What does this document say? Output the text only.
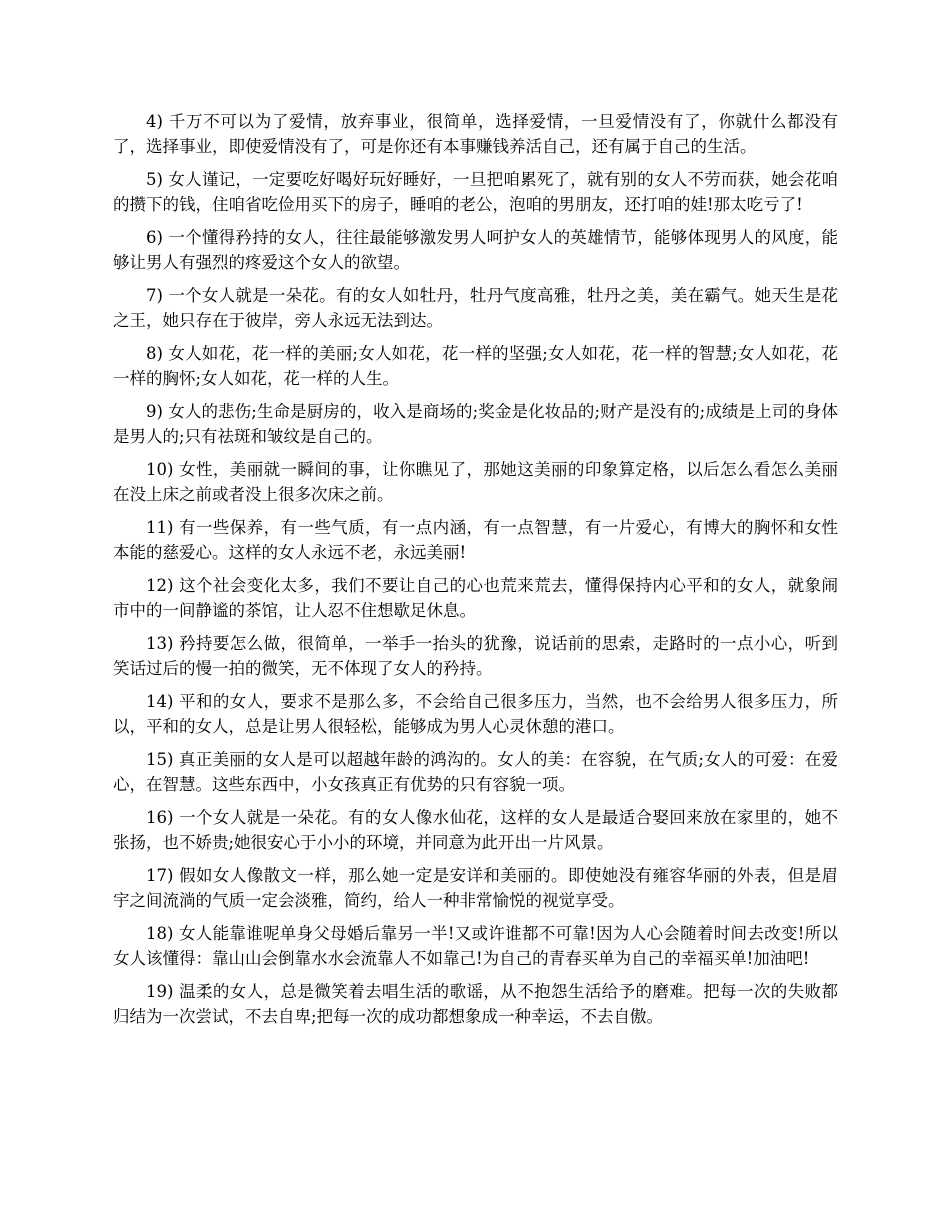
4) 千万不可以为了爱情，放弃事业，很简单，选择爱情，一旦爱情没有了，你就什么都没有了，选择事业，即使爱情没有了，可是你还有本事赚钱养活自己，还有属于自己的生活。

5) 女人谨记，一定要吃好喝好玩好睡好，一旦把咱累死了，就有别的女人不劳而获，她会花咱的攒下的钱，住咱省吃俭用买下的房子，睡咱的老公，泡咱的男朋友，还打咱的娃!那太吃亏了!

6) 一个懂得矜持的女人，往往最能够激发男人呵护女人的英雄情节，能够体现男人的风度，能够让男人有强烈的疼爱这个女人的欲望。

7) 一个女人就是一朵花。有的女人如牡丹，牡丹气度高雅，牡丹之美，美在霸气。她天生是花之王，她只存在于彼岸，旁人永远无法到达。

8) 女人如花，花一样的美丽;女人如花，花一样的坚强;女人如花，花一样的智慧;女人如花，花一样的胸怀;女人如花，花一样的人生。

9) 女人的悲伤;生命是厨房的，收入是商场的;奖金是化妆品的;财产是没有的;成绩是上司的身体是男人的;只有祛斑和皱纹是自己的。

10) 女性，美丽就一瞬间的事，让你瞧见了，那她这美丽的印象算定格，以后怎么看怎么美丽在没上床之前或者没上很多次床之前。

11) 有一些保养，有一些气质，有一点内涵，有一点智慧，有一片爱心，有博大的胸怀和女性本能的慈爱心。这样的女人永远不老，永远美丽!

12) 这个社会变化太多，我们不要让自己的心也荒来荒去，懂得保持内心平和的女人，就象闹市中的一间静谧的茶馆，让人忍不住想歇足休息。

13) 矜持要怎么做，很简单，一举手一抬头的犹豫，说话前的思索，走路时的一点小心，听到笑话过后的慢一拍的微笑，无不体现了女人的矜持。

14) 平和的女人，要求不是那么多，不会给自己很多压力，当然，也不会给男人很多压力，所以，平和的女人，总是让男人很轻松，能够成为男人心灵休憩的港口。

15) 真正美丽的女人是可以超越年龄的鸿沟的。女人的美：在容貌，在气质;女人的可爱：在爱心，在智慧。这些东西中，小女孩真正有优势的只有容貌一项。

16) 一个女人就是一朵花。有的女人像水仙花，这样的女人是最适合娶回来放在家里的，她不张扬，也不娇贵;她很安心于小小的环境，并同意为此开出一片风景。

17) 假如女人像散文一样，那么她一定是安详和美丽的。即使她没有雍容华丽的外表，但是眉宇之间流淌的气质一定会淡雅，简约，给人一种非常愉悦的视觉享受。

18) 女人能靠谁呢单身父母婚后靠另一半!又或许谁都不可靠!因为人心会随着时间去改变!所以女人该懂得：靠山山会倒靠水水会流靠人不如靠己!为自己的青春买单为自己的幸福买单!加油吧!

19) 温柔的女人，总是微笑着去唱生活的歌谣，从不抱怨生活给予的磨难。把每一次的失败都归结为一次尝试，不去自卑;把每一次的成功都想象成一种幸运，不去自傲。
